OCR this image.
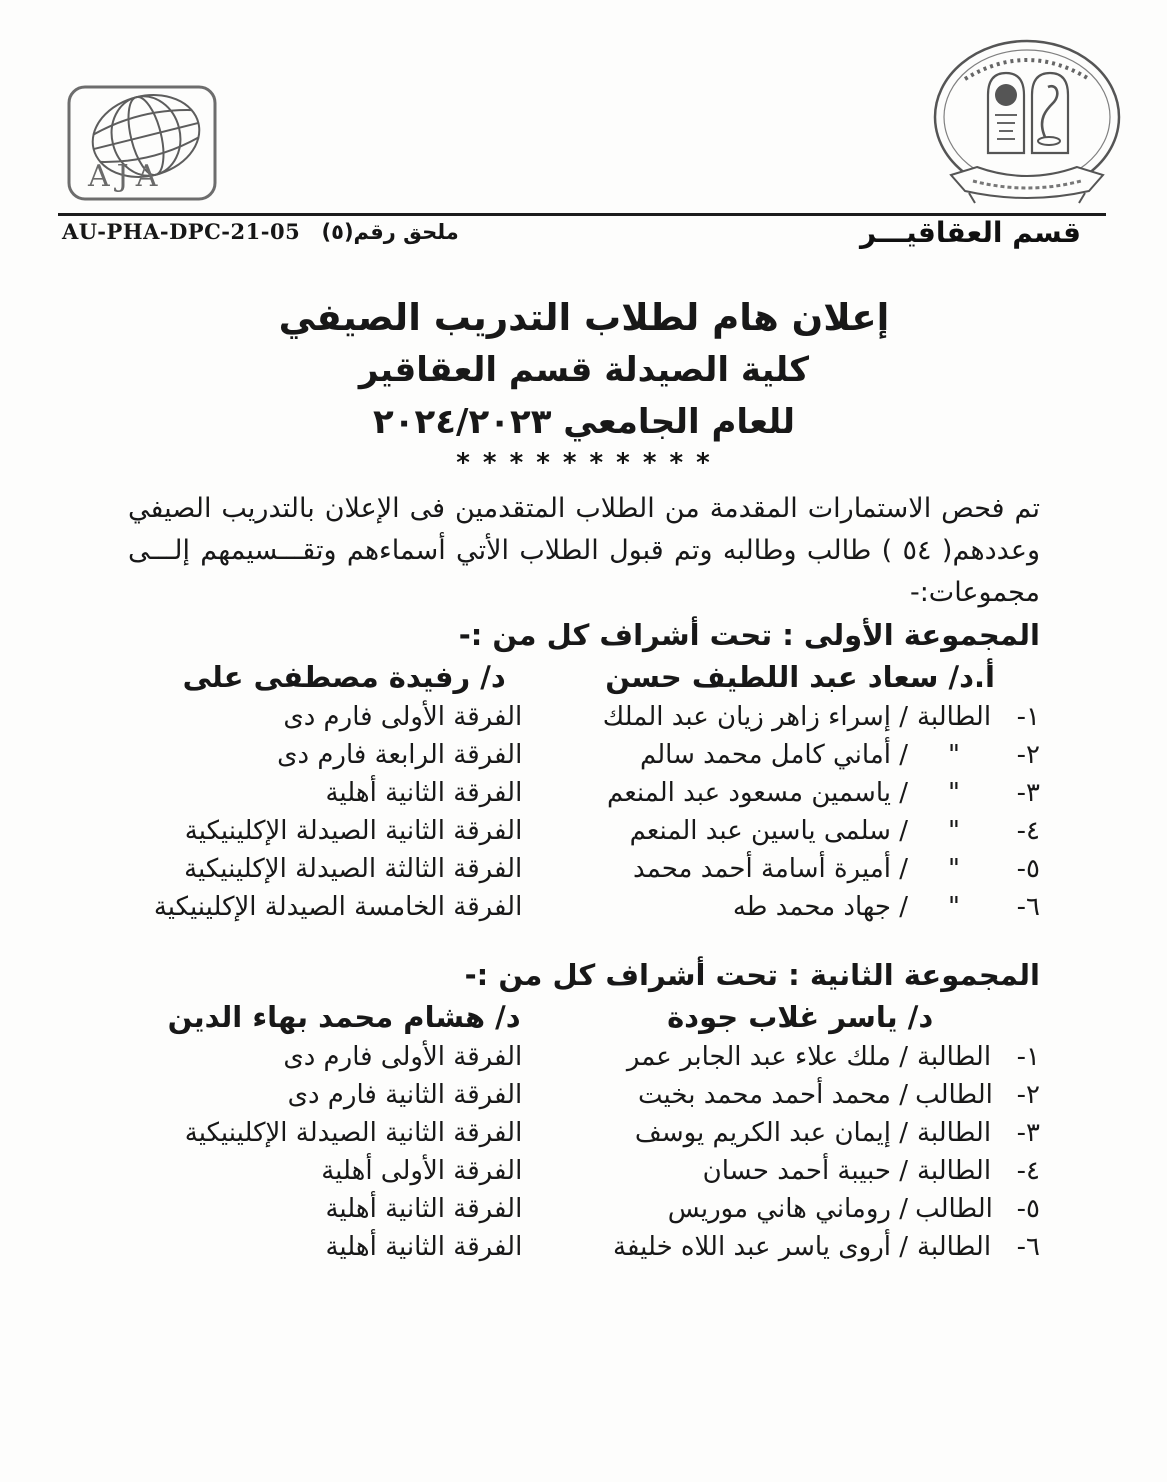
AJA
ملحق رقم(٥) AU-PHA-DPC-21-05	قسم العقاقيـــر
إعلان هام لطلاب التدريب الصيفي
كلية الصيدلة قسم العقاقير
للعام الجامعي ٢٠٢٤/٢٠٢٣
* * * * * * * * * *
تم فحص الاستمارات المقدمة من الطلاب المتقدمين فى الإعلان بالتدريب الصيفي
وعددهم( ٥٤ ) طالب وطالبه وتم قبول الطلاب الأتي أسماءهم وتقـــسيمهم إلـــى
مجموعات:-
المجموعة الأولى : تحت أشراف كل من :-
أ.د/ سعاد عبد اللطيف حسن
د/ رفيدة مصطفى على
١-
الطالبة
/ إسراء زاهر زيان عبد الملك
الفرقة الأولى فارم دى
٢-
"
/ أماني كامل محمد سالم
الفرقة الرابعة فارم دى
٣-
"
/ ياسمين مسعود عبد المنعم
الفرقة الثانية أهلية
٤-
"
/ سلمى ياسين عبد المنعم
الفرقة الثانية الصيدلة الإكلينيكية
٥-
"
/ أميرة أسامة أحمد محمد
الفرقة الثالثة الصيدلة الإكلينيكية
٦-
"
/ جهاد محمد طه
الفرقة الخامسة الصيدلة الإكلينيكية
المجموعة الثانية : تحت أشراف كل من :-
د/ ياسر غلاب جودة
د/ هشام محمد بهاء الدين
١-
الطالبة
/ ملك علاء عبد الجابر عمر
الفرقة الأولى فارم دى
٢-
الطالب
/ محمد أحمد محمد بخيت
الفرقة الثانية فارم دى
٣-
الطالبة
/ إيمان عبد الكريم يوسف
الفرقة الثانية الصيدلة الإكلينيكية
٤-
الطالبة
/ حبيبة أحمد حسان
الفرقة الأولى أهلية
٥-
الطالب
/ روماني هاني موريس
الفرقة الثانية أهلية
٦-
الطالبة
/ أروى ياسر عبد اللاه خليفة
الفرقة الثانية أهلية
